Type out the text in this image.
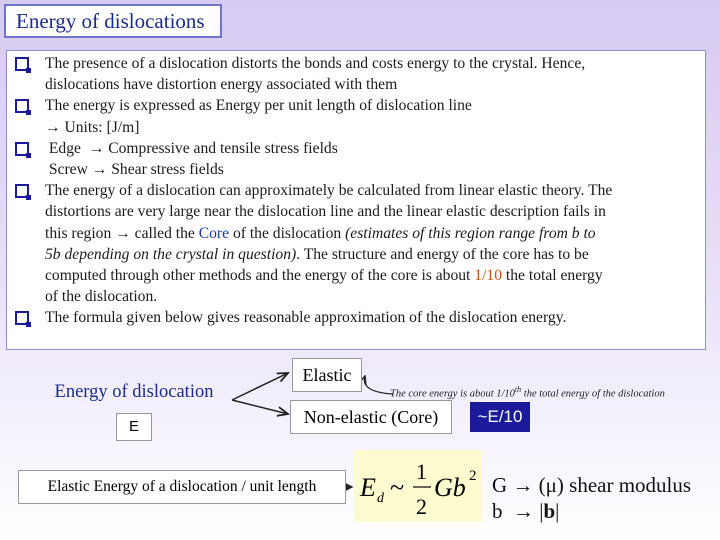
Energy of dislocations
The presence of a dislocation distorts the bonds and costs energy to the crystal. Hence,
dislocations have distortion energy associated with them
The energy is expressed as Energy per unit length of dislocation line
→ Units: [J/m]
Edge  → Compressive and tensile stress fields
Screw → Shear stress fields
The energy of a dislocation can approximately be calculated from linear elastic theory. The
distortions are very large near the dislocation line and the linear elastic description fails in
this region → called the Core of the dislocation (estimates of this region range from b to
5b depending on the crystal in question). The structure and energy of the core has to be
computed through other methods and the energy of the core is about 1/10 the total energy
of the dislocation.
The formula given below gives reasonable approximation of the dislocation energy.
Energy of dislocation
E
Elastic
Non-elastic (Core)
The core energy is about 1/10th the total energy of the dislocation
~E/10
Elastic Energy of a dislocation / unit length	E d ~
1
2
Gb 2 G → (μ) shear modulus
b  → |b|
